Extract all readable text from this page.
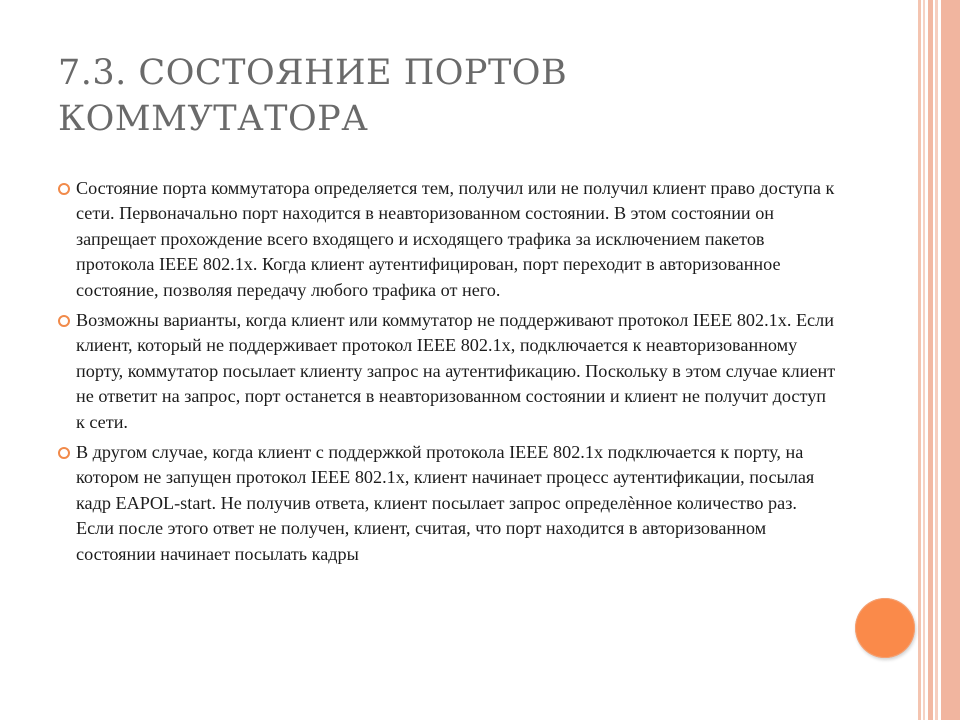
7.3. СОСТОЯНИЕ ПОРТОВ
КОММУТАТОРА
Состояние порта коммутатора определяется тем, получил или не получил клиент право доступа к сети. Первоначально порт находится в неавторизованном состоянии. В этом состоянии он запрещает прохождение всего входящего и исходящего трафика за исключением пакетов протокола IEEE 802.1x. Когда клиент аутентифицирован, порт переходит в авторизованное состояние, позволяя передачу любого трафика от него.
Возможны варианты, когда клиент или коммутатор не поддерживают протокол IEEE 802.1x. Если клиент, который не поддерживает протокол IEEE 802.1x, подключается к неавторизованному порту, коммутатор посылает клиенту запрос на аутентификацию. Поскольку в этом случае клиент не ответит на запрос, порт останется в неавторизованном состоянии и клиент не получит доступ к сети.
В другом случае, когда клиент с поддержкой протокола IEEE 802.1x подключается к порту, на котором не запущен протокол IEEE 802.1x, клиент начинает процесс аутентификации, посылая кадр EAPOL-start. Не получив ответа, клиент посылает запрос определѐнное количество раз. Если после этого ответ не получен, клиент, считая, что порт находится в авторизованном состоянии начинает посылать кадры
